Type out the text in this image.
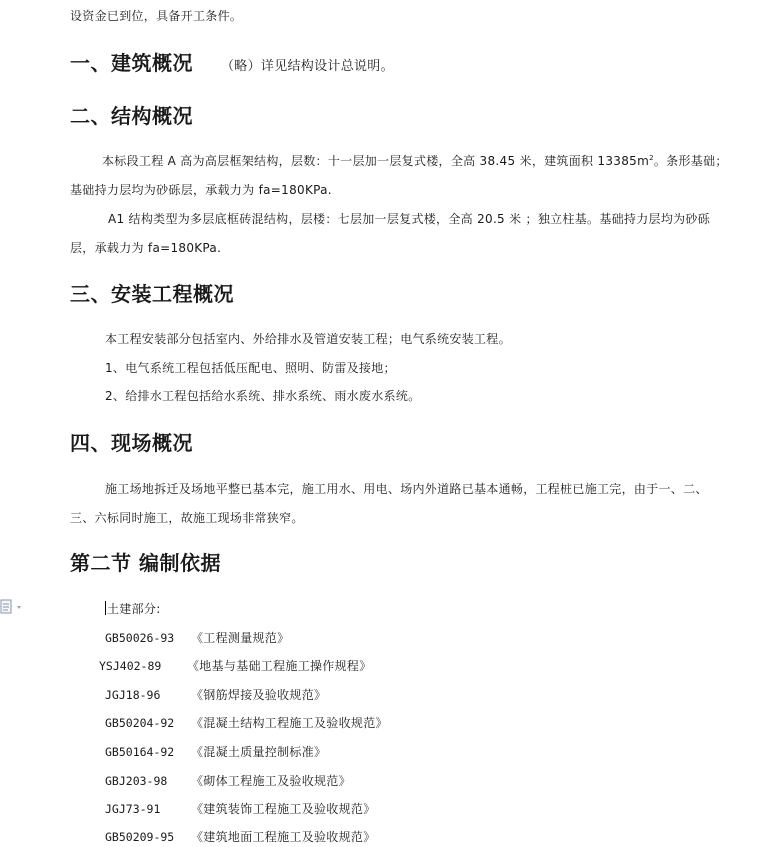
设资金已到位，具备开工条件。
一、建筑概况 （略）详见结构设计总说明。
二、结构概况
本标段工程 A 高为高层框架结构，层数：十一层加一层复式楼，全高 38.45 米，建筑面积 $13385m^2$。条形基础；
基础持力层均为砂砾层，承载力为 fa=180KPa.
A1 结构类型为多层底框砖混结构，层楼：七层加一层复式楼，全高 20.5 米 ；独立柱基。基础持力层均为砂砾
层，承载力为 fa=180KPa.
三、安装工程概况
本工程安装部分包括室内、外给排水及管道安装工程；电气系统安装工程。
1、电气系统工程包括低压配电、照明、防雷及接地；
2、给排水工程包括给水系统、排水系统、雨水废水系统。
四、现场概况
施工场地拆迁及场地平整已基本完，施工用水、用电、场内外道路已基本通畅，工程桩已施工完，由于一、二、
三、六标同时施工，故施工现场非常狭窄。
第二节 编制依据
土建部分:
GB50026-93 《工程测量规范》
YSJ402-89 《地基与基础工程施工操作规程》
JGJ18-96	《钢筋焊接及验收规范》
GB50204-92 《混凝土结构工程施工及验收规范》
GB50164-92 《混凝土质量控制标准》
GBJ203-98 《砌体工程施工及验收规范》
JGJ73-91	《建筑装饰工程施工及验收规范》
GB50209-95 《建筑地面工程施工及验收规范》
